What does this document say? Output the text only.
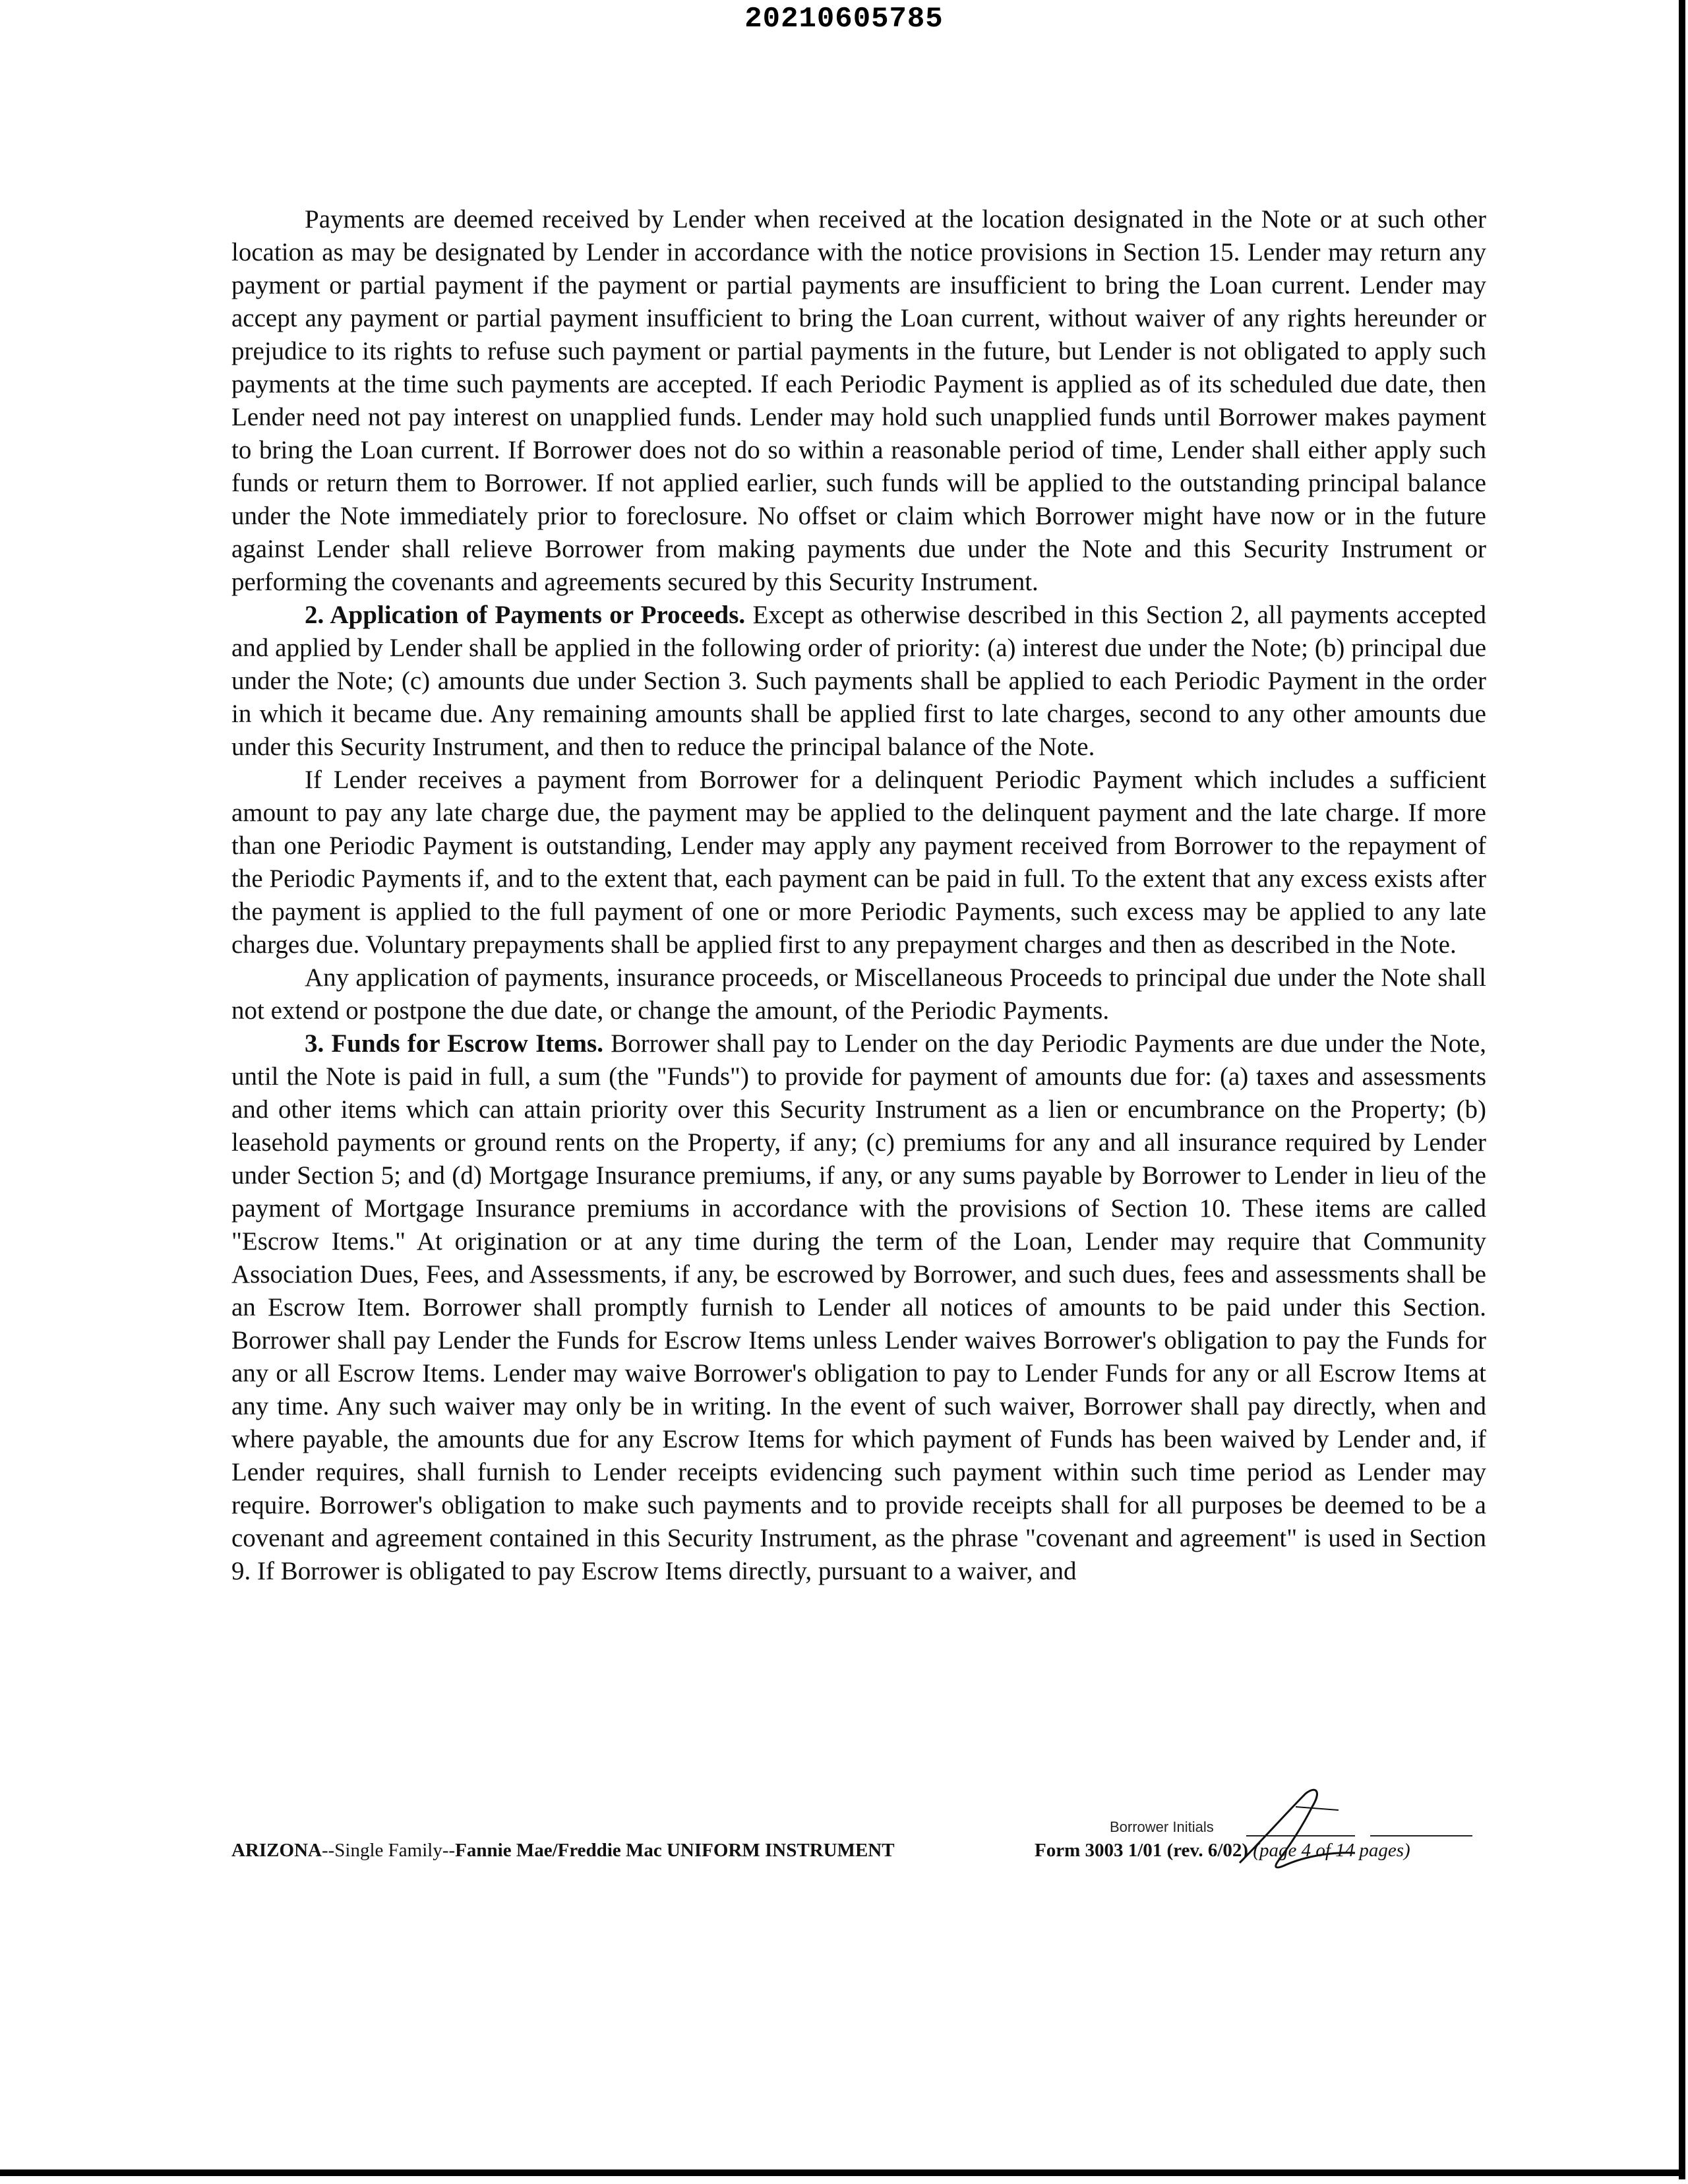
20210605785

Payments are deemed received by Lender when received at the location designated in the Note or at such other location as may be designated by Lender in accordance with the notice provisions in Section 15. Lender may return any payment or partial payment if the payment or partial payments are insufficient to bring the Loan current. Lender may accept any payment or partial payment insufficient to bring the Loan current, without waiver of any rights hereunder or prejudice to its rights to refuse such payment or partial payments in the future, but Lender is not obligated to apply such payments at the time such payments are accepted. If each Periodic Payment is applied as of its scheduled due date, then Lender need not pay interest on unapplied funds. Lender may hold such unapplied funds until Borrower makes payment to bring the Loan current. If Borrower does not do so within a reasonable period of time, Lender shall either apply such funds or return them to Borrower. If not applied earlier, such funds will be applied to the outstanding principal balance under the Note immediately prior to foreclosure. No offset or claim which Borrower might have now or in the future against Lender shall relieve Borrower from making payments due under the Note and this Security Instrument or performing the covenants and agreements secured by this Security Instrument.

2. Application of Payments or Proceeds. Except as otherwise described in this Section 2, all payments accepted and applied by Lender shall be applied in the following order of priority: (a) interest due under the Note; (b) principal due under the Note; (c) amounts due under Section 3. Such payments shall be applied to each Periodic Payment in the order in which it became due. Any remaining amounts shall be applied first to late charges, second to any other amounts due under this Security Instrument, and then to reduce the principal balance of the Note.

If Lender receives a payment from Borrower for a delinquent Periodic Payment which includes a sufficient amount to pay any late charge due, the payment may be applied to the delinquent payment and the late charge. If more than one Periodic Payment is outstanding, Lender may apply any payment received from Borrower to the repayment of the Periodic Payments if, and to the extent that, each payment can be paid in full. To the extent that any excess exists after the payment is applied to the full payment of one or more Periodic Payments, such excess may be applied to any late charges due. Voluntary prepayments shall be applied first to any prepayment charges and then as described in the Note.

Any application of payments, insurance proceeds, or Miscellaneous Proceeds to principal due under the Note shall not extend or postpone the due date, or change the amount, of the Periodic Payments.

3. Funds for Escrow Items. Borrower shall pay to Lender on the day Periodic Payments are due under the Note, until the Note is paid in full, a sum (the "Funds") to provide for payment of amounts due for: (a) taxes and assessments and other items which can attain priority over this Security Instrument as a lien or encumbrance on the Property; (b) leasehold payments or ground rents on the Property, if any; (c) premiums for any and all insurance required by Lender under Section 5; and (d) Mortgage Insurance premiums, if any, or any sums payable by Borrower to Lender in lieu of the payment of Mortgage Insurance premiums in accordance with the provisions of Section 10. These items are called "Escrow Items." At origination or at any time during the term of the Loan, Lender may require that Community Association Dues, Fees, and Assessments, if any, be escrowed by Borrower, and such dues, fees and assessments shall be an Escrow Item. Borrower shall promptly furnish to Lender all notices of amounts to be paid under this Section. Borrower shall pay Lender the Funds for Escrow Items unless Lender waives Borrower's obligation to pay the Funds for any or all Escrow Items. Lender may waive Borrower's obligation to pay to Lender Funds for any or all Escrow Items at any time. Any such waiver may only be in writing. In the event of such waiver, Borrower shall pay directly, when and where payable, the amounts due for any Escrow Items for which payment of Funds has been waived by Lender and, if Lender requires, shall furnish to Lender receipts evidencing such payment within such time period as Lender may require. Borrower's obligation to make such payments and to provide receipts shall for all purposes be deemed to be a covenant and agreement contained in this Security Instrument, as the phrase "covenant and agreement" is used in Section 9. If Borrower is obligated to pay Escrow Items directly, pursuant to a waiver, and

Borrower Initials
ARIZONA--Single Family--Fannie Mae/Freddie Mac UNIFORM INSTRUMENT	Form 3003 1/01 (rev. 6/02) (page 4 of 14 pages)
